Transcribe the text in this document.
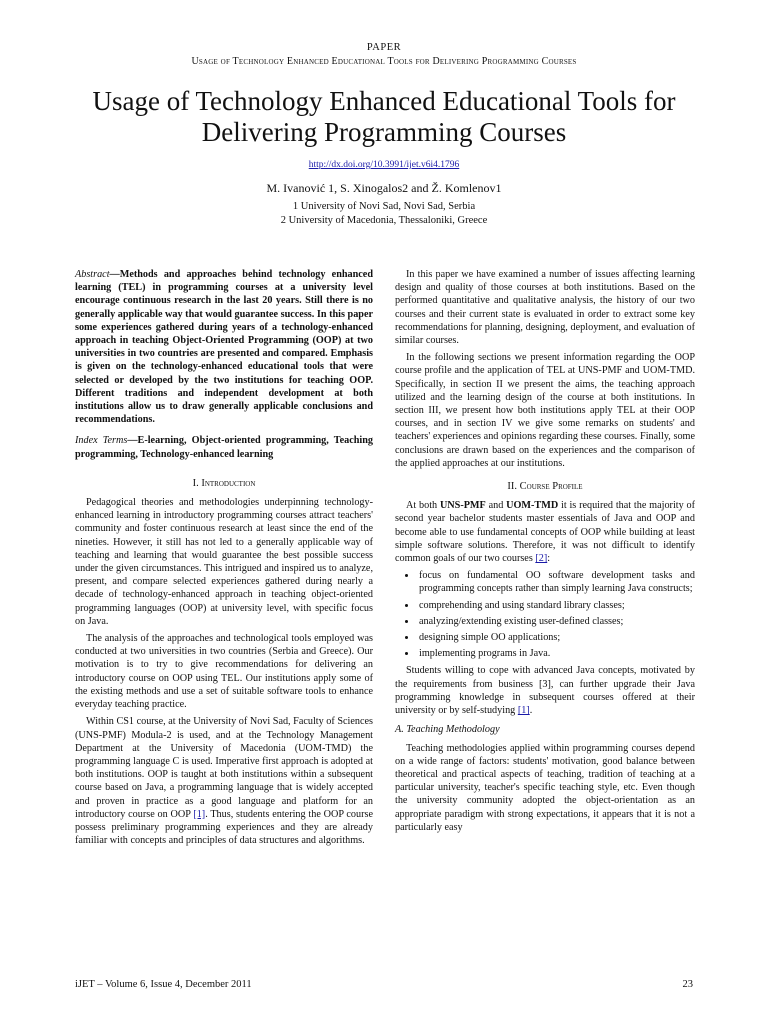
PAPER
Usage of Technology Enhanced Educational Tools for Delivering Programming Courses
Usage of Technology Enhanced Educational Tools for Delivering Programming Courses
http://dx.doi.org/10.3991/ijet.v6i4.1796
M. Ivanović 1, S. Xinogalos2 and Ž. Komlenov1
1 University of Novi Sad, Novi Sad, Serbia
2 University of Macedonia, Thessaloniki, Greece

Abstract—Methods and approaches behind technology enhanced learning (TEL) in programming courses at a university level encourage continuous research in the last 20 years. Still there is no generally applicable way that would guarantee success. In this paper some experiences gathered during years of a technology-enhanced approach in teaching Object-Oriented Programming (OOP) at two universities in two countries are presented and compared. Emphasis is given on the technology-enhanced educational tools that were selected or developed by the two institutions for teaching OOP. Different traditions and independent development at both institutions allow us to draw generally applicable conclusions and recommendations.

Index Terms—E-learning, Object-oriented programming, Teaching programming, Technology-enhanced learning

I. Introduction

Pedagogical theories and methodologies underpinning technology-enhanced learning in introductory programming courses attract teachers' community and foster continuous research at least since the end of the nineties. However, it still has not led to a generally applicable way of teaching and learning that would guarantee the best possible success under the given circumstances. This intrigued and inspired us to analyze, present, and compare selected experiences gathered during nearly a decade of technology-enhanced approach in teaching object-oriented programming languages (OOP) at university level, with specific focus on Java.

The analysis of the approaches and technological tools employed was conducted at two universities in two countries (Serbia and Greece). Our motivation is to try to give recommendations for delivering an introductory course on OOP using TEL. Our institutions apply some of the existing methods and use a set of suitable software tools to enhance everyday teaching practice.

Within CS1 course, at the University of Novi Sad, Faculty of Sciences (UNS-PMF) Modula-2 is used, and at the Technology Management Department at the University of Macedonia (UOM-TMD) the programming language C is used. Imperative first approach is adopted at both institutions. OOP is taught at both institutions within a subsequent course based on Java, a programming language that is widely accepted and proven in practice as a good language and platform for an introductory course on OOP [1]. Thus, students entering the OOP course possess preliminary programming experiences and they are already familiar with concepts and principles of data structures and algorithms.

In this paper we have examined a number of issues affecting learning design and quality of those courses at both institutions. Based on the performed quantitative and qualitative analysis, the history of our two courses and their current state is evaluated in order to extract some key recommendations for planning, designing, deployment, and evaluation of similar courses.

In the following sections we present information regarding the OOP course profile and the application of TEL at UNS-PMF and UOM-TMD. Specifically, in section II we present the aims, the teaching approach utilized and the learning design of the course at both institutions. In section III, we present how both institutions apply TEL at their OOP courses, and in section IV we give some remarks on students' and teachers' experiences and opinions regarding these courses. Finally, some conclusions are drawn based on the experiences and the comparison of the applied approaches at our institutions.

II. Course Profile

At both UNS-PMF and UOM-TMD it is required that the majority of second year bachelor students master essentials of Java and OOP and become able to use fundamental concepts of OOP while building at least simple software solutions. Therefore, it was not difficult to identify common goals of our two courses [2]:

• focus on fundamental OO software development tasks and programming concepts rather than simply learning Java constructs;
• comprehending and using standard library classes;
• analyzing/extending existing user-defined classes;
• designing simple OO applications;
• implementing programs in Java.

Students willing to cope with advanced Java concepts, motivated by the requirements from business [3], can further upgrade their Java programming knowledge in subsequent courses offered at their university or by self-studying [1].

A. Teaching Methodology

Teaching methodologies applied within programming courses depend on a wide range of factors: students' motivation, good balance between theoretical and practical aspects of teaching, tradition of teaching at a particular university, teacher's specific teaching style, etc. Even though the university community adopted the object-orientation as an appropriate paradigm with strong expectations, it appears that it is not a particularly easy

iJET – Volume 6, Issue 4, December 2011	23
